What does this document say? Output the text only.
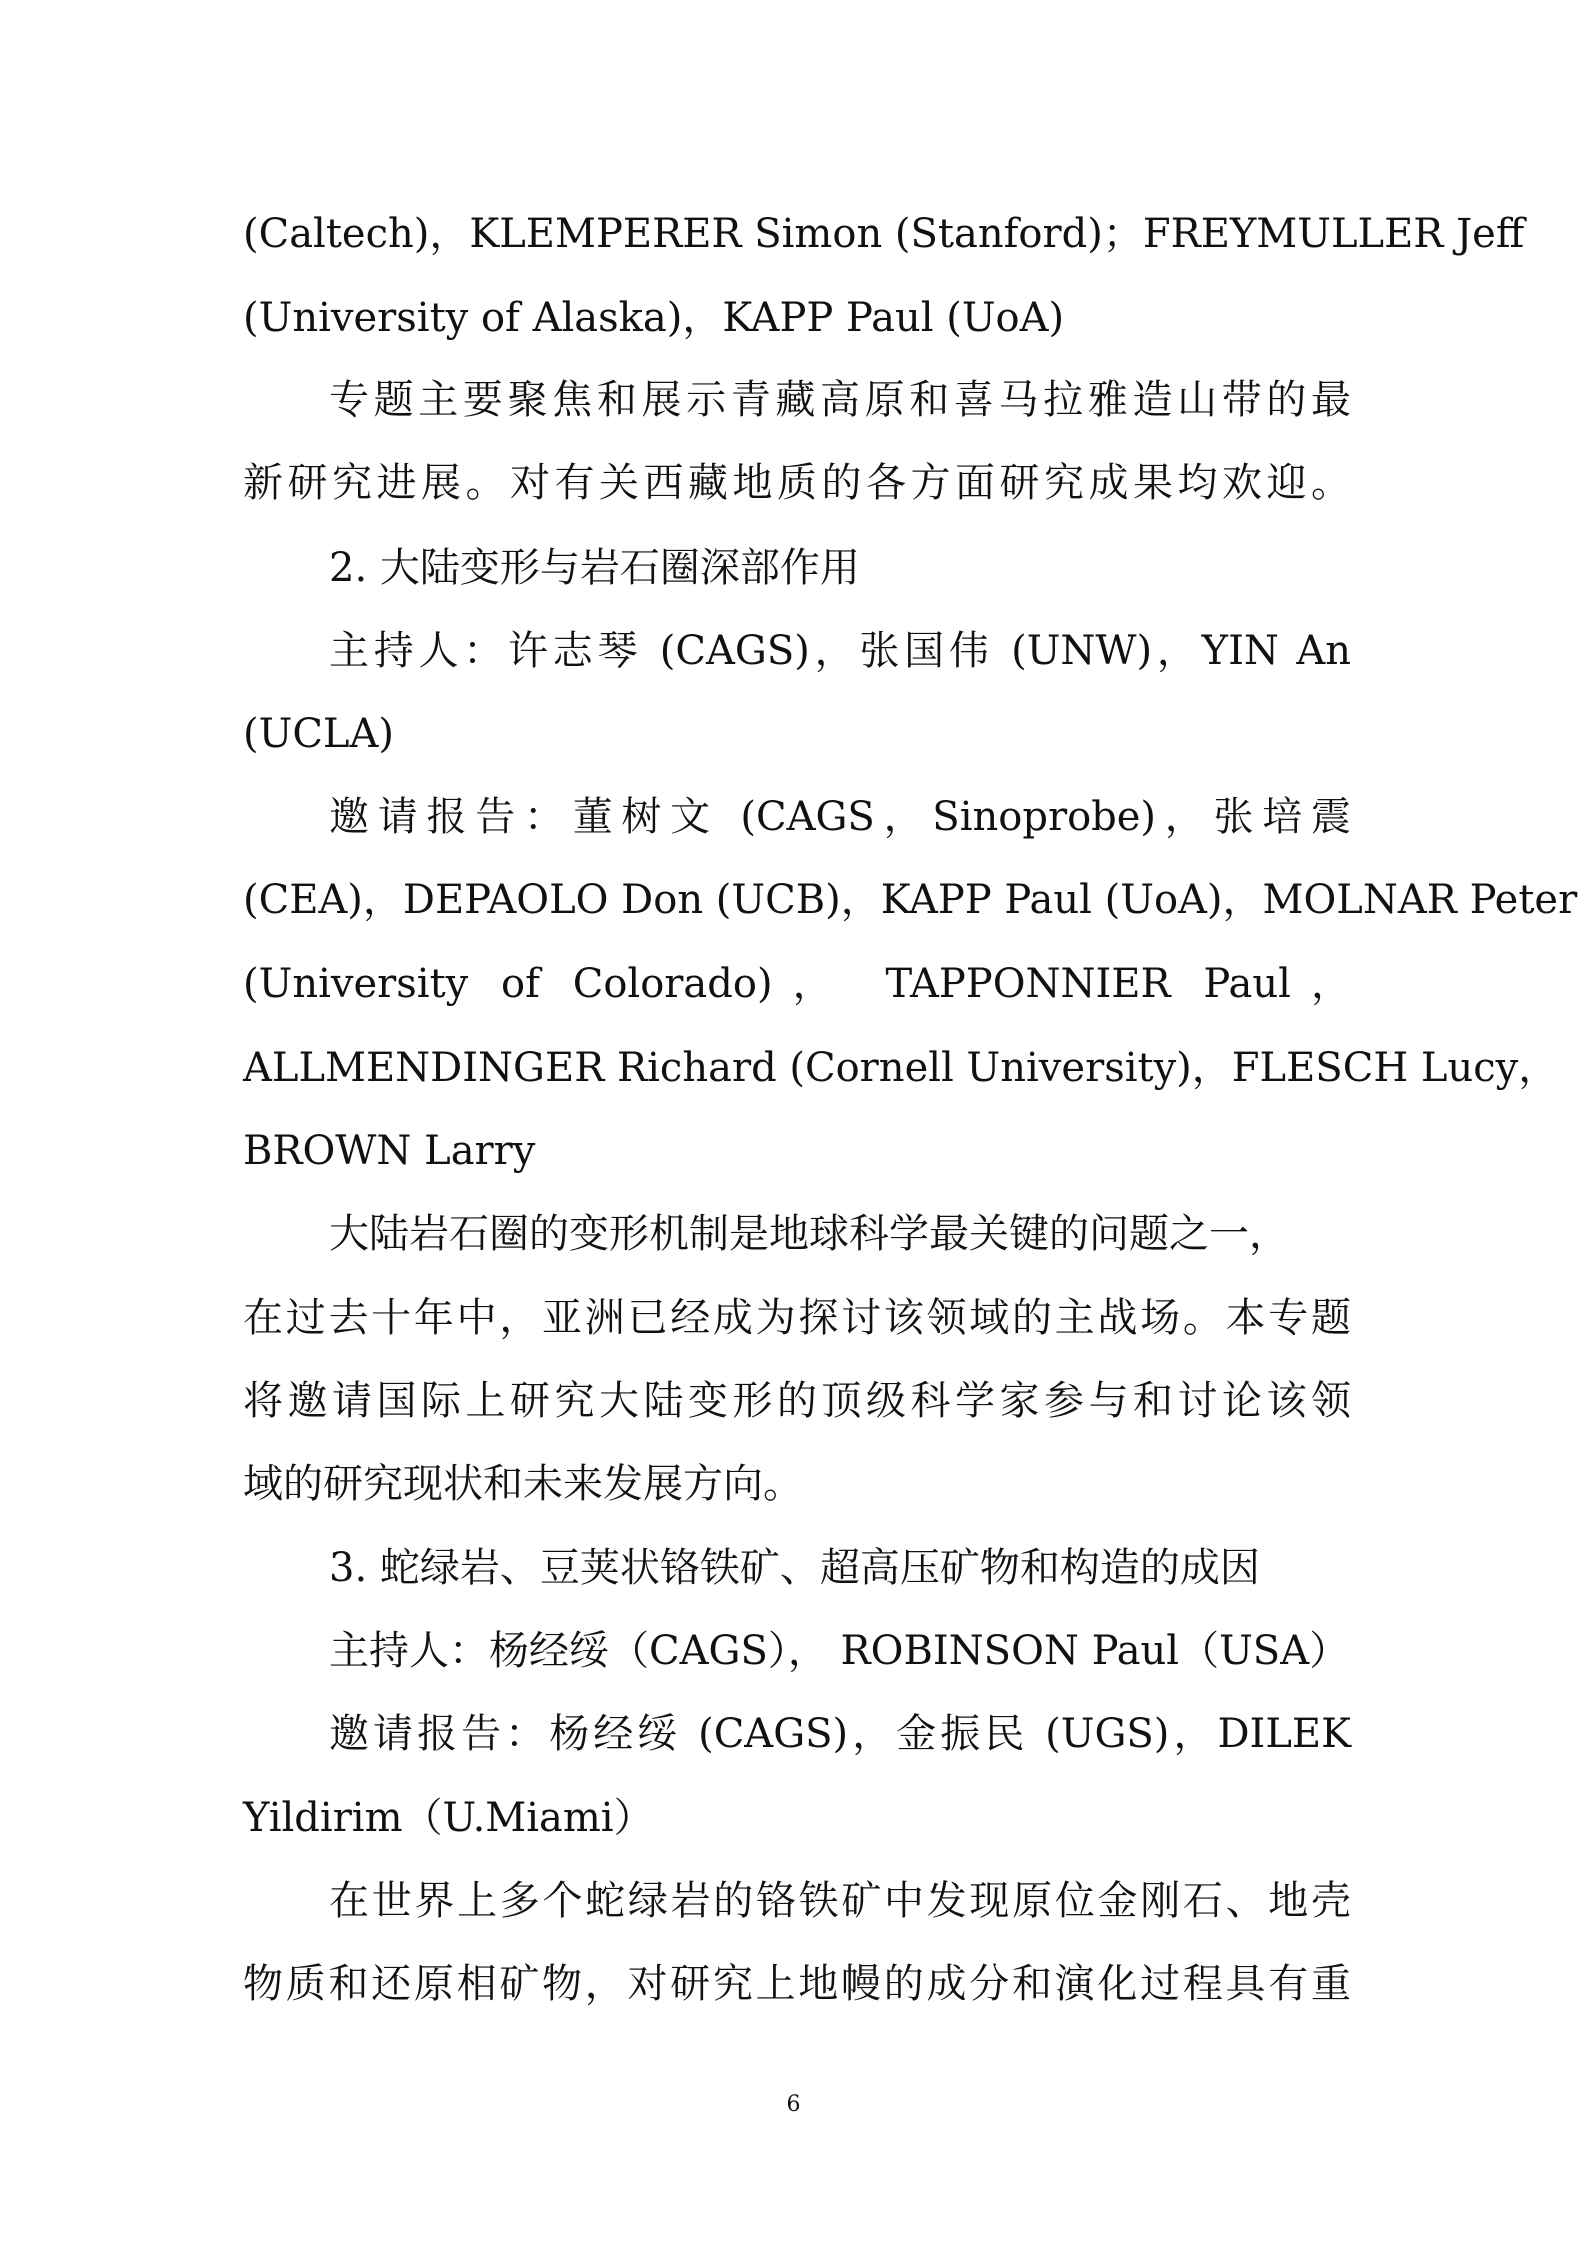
(Caltech)，KLEMPERER Simon (Stanford)；FREYMULLER Jeff
(University of Alaska)，KAPP Paul (UoA)
专题主要聚焦和展示青藏高原和喜马拉雅造山带的最
新研究进展。对有关西藏地质的各方面研究成果均欢迎。
2. 大陆变形与岩石圈深部作用
主持人：许志琴 (CAGS)，张国伟 (UNW)，YIN An
(UCLA)
邀请报告：董树文 (CAGS，Sinoprobe)，张培震
(CEA)，DEPAOLO Don (UCB)，KAPP Paul (UoA)，MOLNAR Peter
(University of Colorado)， TAPPONNIER Paul，
ALLMENDINGER Richard (Cornell University)，FLESCH Lucy，
BROWN Larry
大陆岩石圈的变形机制是地球科学最关键的问题之一，
在过去十年中，亚洲已经成为探讨该领域的主战场。本专题
将邀请国际上研究大陆变形的顶级科学家参与和讨论该领
域的研究现状和未来发展方向。
3. 蛇绿岩、豆荚状铬铁矿、超高压矿物和构造的成因
主持人：杨经绥（CAGS）， ROBINSON Paul（USA）
邀请报告：杨经绥 (CAGS)，金振民 (UGS)，DILEK
Yildirim（U.Miami）
在世界上多个蛇绿岩的铬铁矿中发现原位金刚石、地壳
物质和还原相矿物，对研究上地幔的成分和演化过程具有重
6
